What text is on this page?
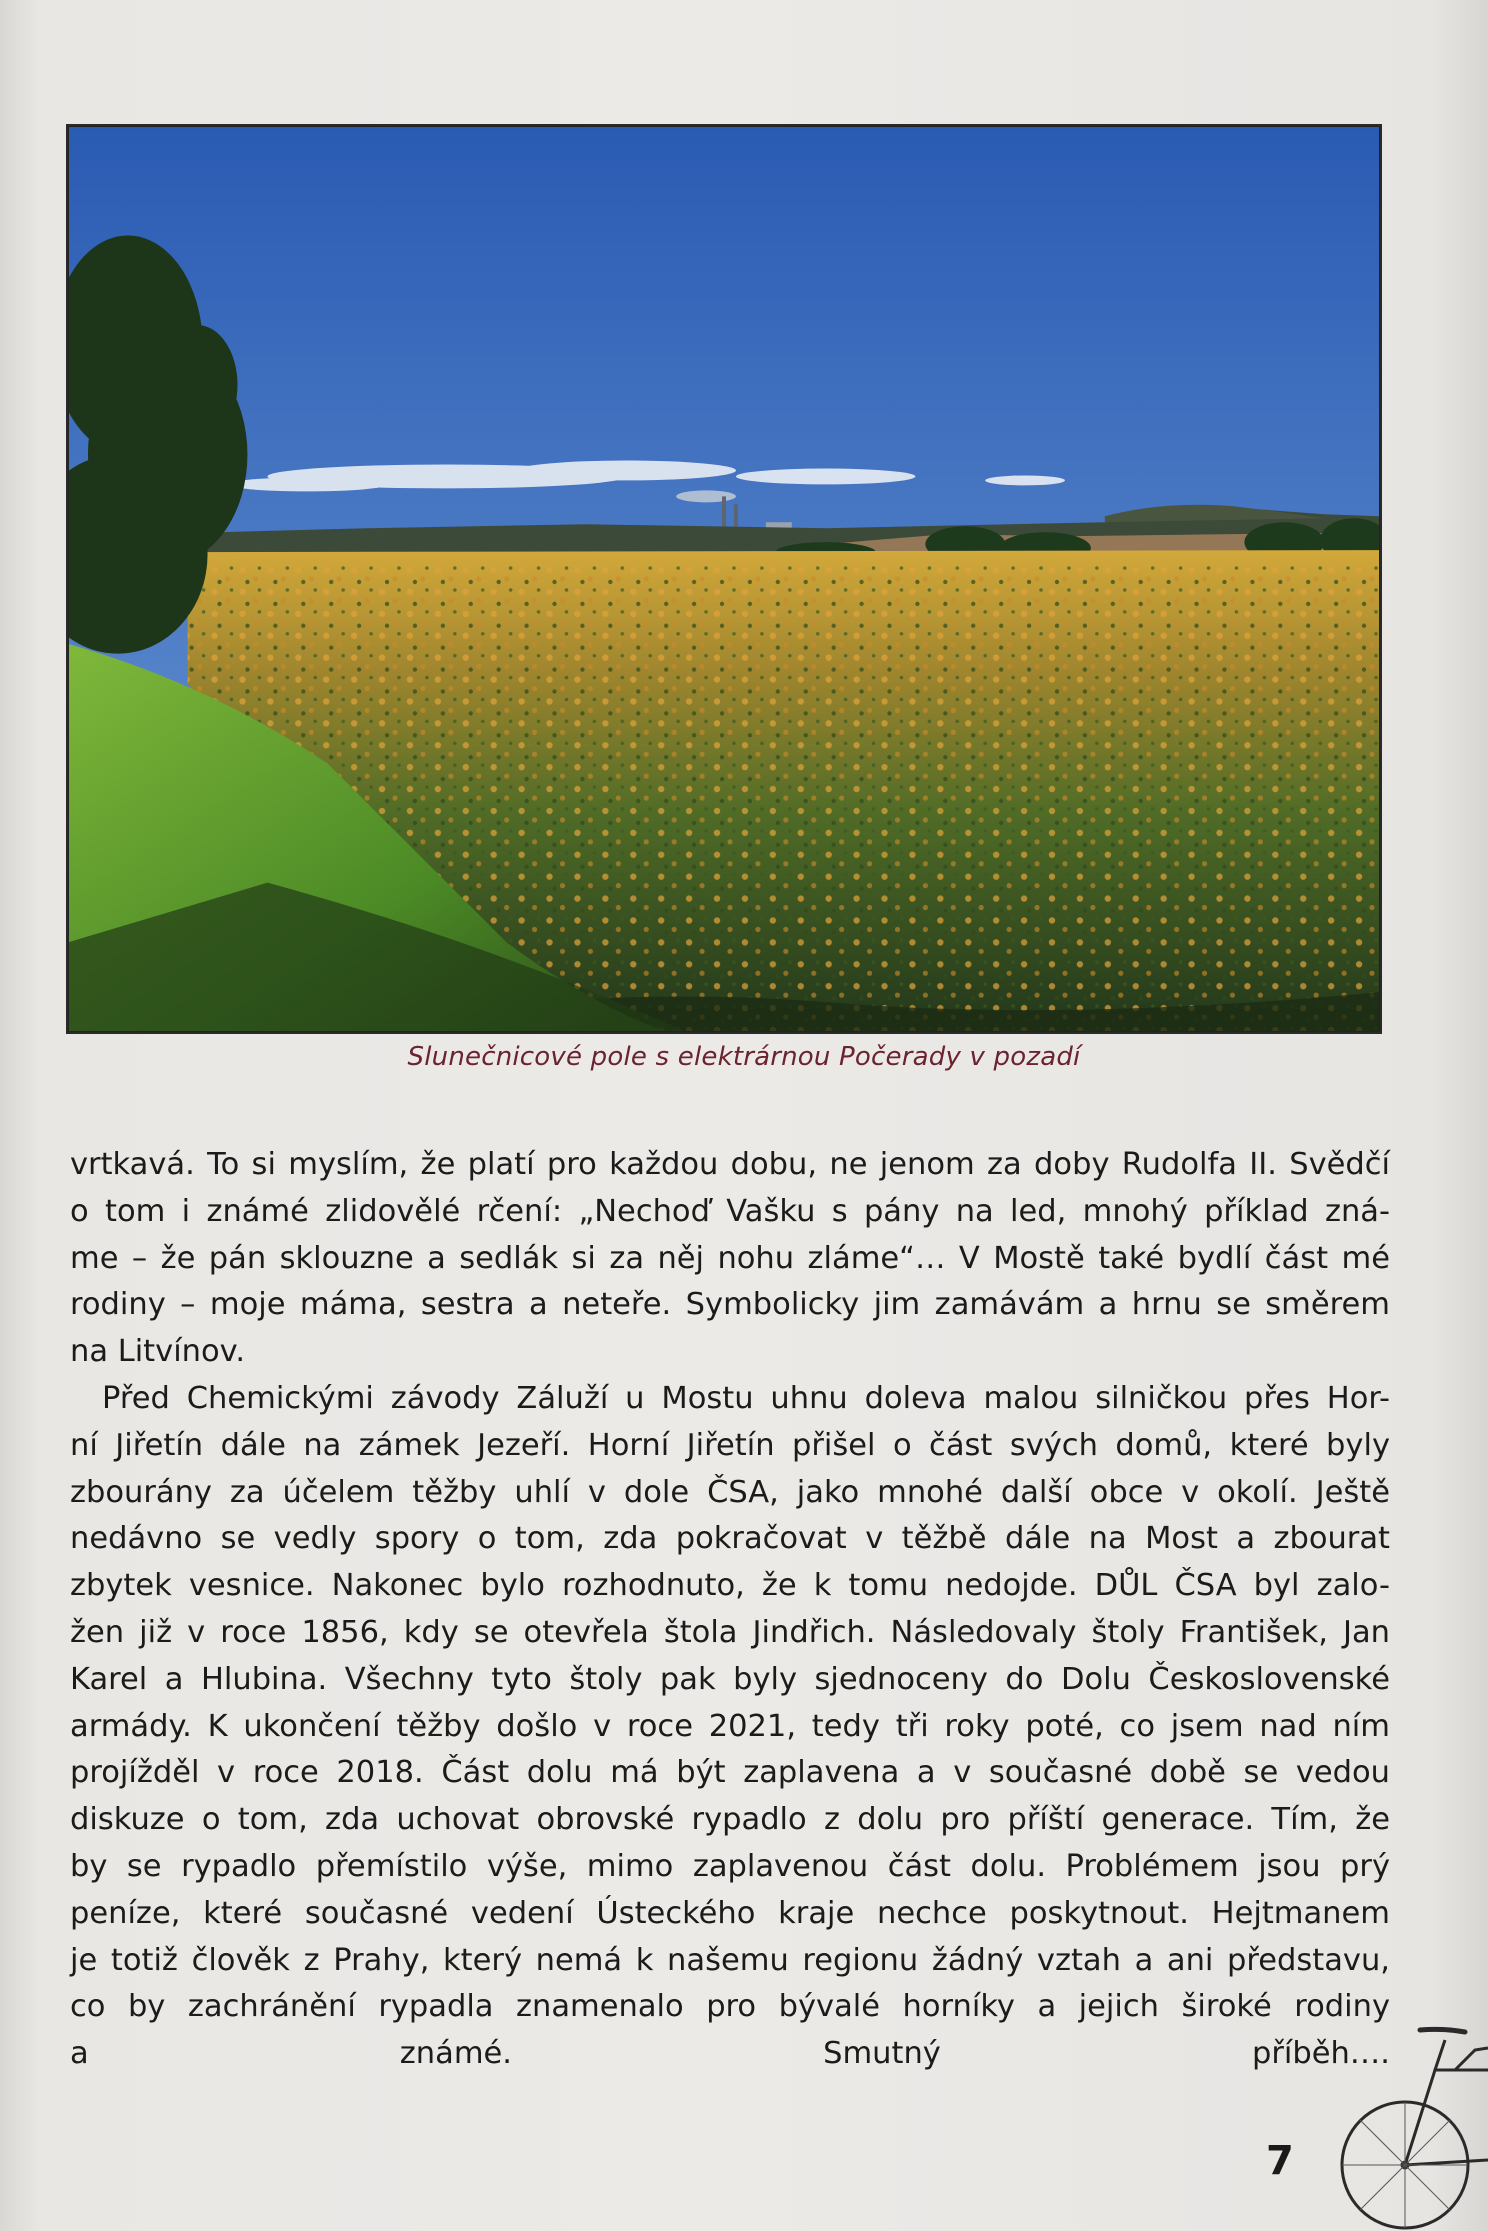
Slunečnicové pole s elektrárnou Počerady v pozadí
vrtkavá. To si myslím, že platí pro každou dobu, ne jenom za doby Rudolfa II. Svědčí
o tom i známé zlidovělé rčení: „Nechoď Vašku s pány na led, mnohý příklad zná-
me – že pán sklouzne a sedlák si za něj nohu zláme“… V Mostě také bydlí část mé
rodiny – moje máma, sestra a neteře. Symbolicky jim zamávám a hrnu se směrem
na Litvínov.
Před Chemickými závody Záluží u Mostu uhnu doleva malou silničkou přes Hor-
ní Jiřetín dále na zámek Jezeří. Horní Jiřetín přišel o část svých domů, které byly
zbourány za účelem těžby uhlí v dole ČSA, jako mnohé další obce v okolí. Ještě
nedávno se vedly spory o tom, zda pokračovat v těžbě dále na Most a zbourat
zbytek vesnice. Nakonec bylo rozhodnuto, že k tomu nedojde. DŮL ČSA byl zalo-
žen již v roce 1856, kdy se otevřela štola Jindřich. Následovaly štoly František, Jan
Karel a Hlubina. Všechny tyto štoly pak byly sjednoceny do Dolu Československé
armády. K ukončení těžby došlo v roce 2021, tedy tři roky poté, co jsem nad ním
projížděl v roce 2018. Část dolu má být zaplavena a v současné době se vedou
diskuze o tom, zda uchovat obrovské rypadlo z dolu pro příští generace. Tím, že
by se rypadlo přemístilo výše, mimo zaplavenou část dolu. Problémem jsou prý
peníze, které současné vedení Ústeckého kraje nechce poskytnout. Hejtmanem
je totiž člověk z Prahy, který nemá k našemu regionu žádný vztah a ani představu,
co by zachránění rypadla znamenalo pro bývalé horníky a jejich široké rodiny
a známé. Smutný příběh….
7
